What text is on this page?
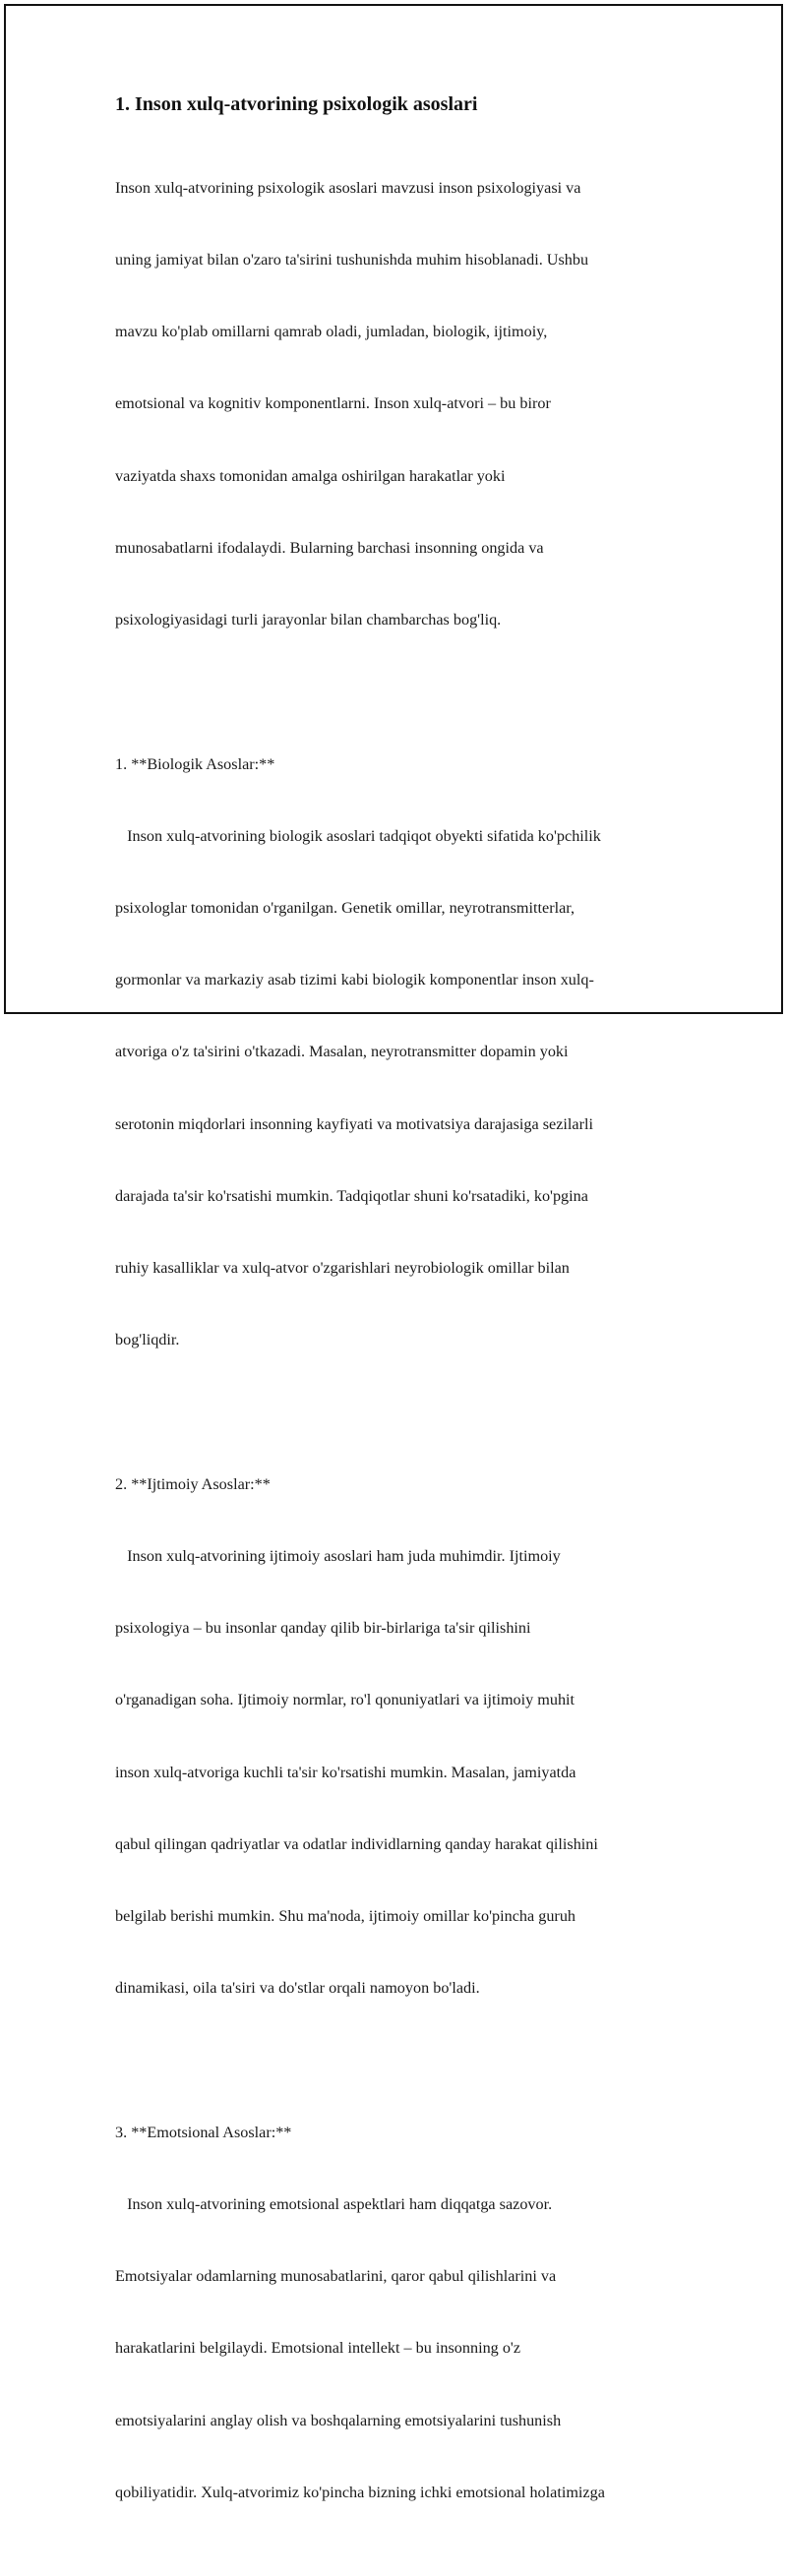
1. Inson xulq-atvorining psixologik asoslari

Inson xulq-atvorining psixologik asoslari mavzusi inson psixologiyasi va

uning jamiyat bilan o'zaro ta'sirini tushunishda muhim hisoblanadi. Ushbu

mavzu ko'plab omillarni qamrab oladi, jumladan, biologik, ijtimoiy,

emotsional va kognitiv komponentlarni. Inson xulq-atvori – bu biror

vaziyatda shaxs tomonidan amalga oshirilgan harakatlar yoki

munosabatlarni ifodalaydi. Bularning barchasi insonning ongida va

psixologiyasidagi turli jarayonlar bilan chambarchas bog'liq.

1. **Biologik Asoslar:**

Inson xulq-atvorining biologik asoslari tadqiqot obyekti sifatida ko'pchilik

psixologlar tomonidan o'rganilgan. Genetik omillar, neyrotransmitterlar,

gormonlar va markaziy asab tizimi kabi biologik komponentlar inson xulq-

atvoriga o'z ta'sirini o'tkazadi. Masalan, neyrotransmitter dopamin yoki

serotonin miqdorlari insonning kayfiyati va motivatsiya darajasiga sezilarli

darajada ta'sir ko'rsatishi mumkin. Tadqiqotlar shuni ko'rsatadiki, ko'pgina

ruhiy kasalliklar va xulq-atvor o'zgarishlari neyrobiologik omillar bilan

bog'liqdir.

2. **Ijtimoiy Asoslar:**

Inson xulq-atvorining ijtimoiy asoslari ham juda muhimdir. Ijtimoiy

psixologiya – bu insonlar qanday qilib bir-birlariga ta'sir qilishini

o'rganadigan soha. Ijtimoiy normlar, ro'l qonuniyatlari va ijtimoiy muhit

inson xulq-atvoriga kuchli ta'sir ko'rsatishi mumkin. Masalan, jamiyatda

qabul qilingan qadriyatlar va odatlar individlarning qanday harakat qilishini

belgilab berishi mumkin. Shu ma'noda, ijtimoiy omillar ko'pincha guruh

dinamikasi, oila ta'siri va do'stlar orqali namoyon bo'ladi.

3. **Emotsional Asoslar:**

Inson xulq-atvorining emotsional aspektlari ham diqqatga sazovor.

Emotsiyalar odamlarning munosabatlarini, qaror qabul qilishlarini va

harakatlarini belgilaydi. Emotsional intellekt – bu insonning o'z

emotsiyalarini anglay olish va boshqalarning emotsiyalarini tushunish

qobiliyatidir. Xulq-atvorimiz ko'pincha bizning ichki emotsional holatimizga
